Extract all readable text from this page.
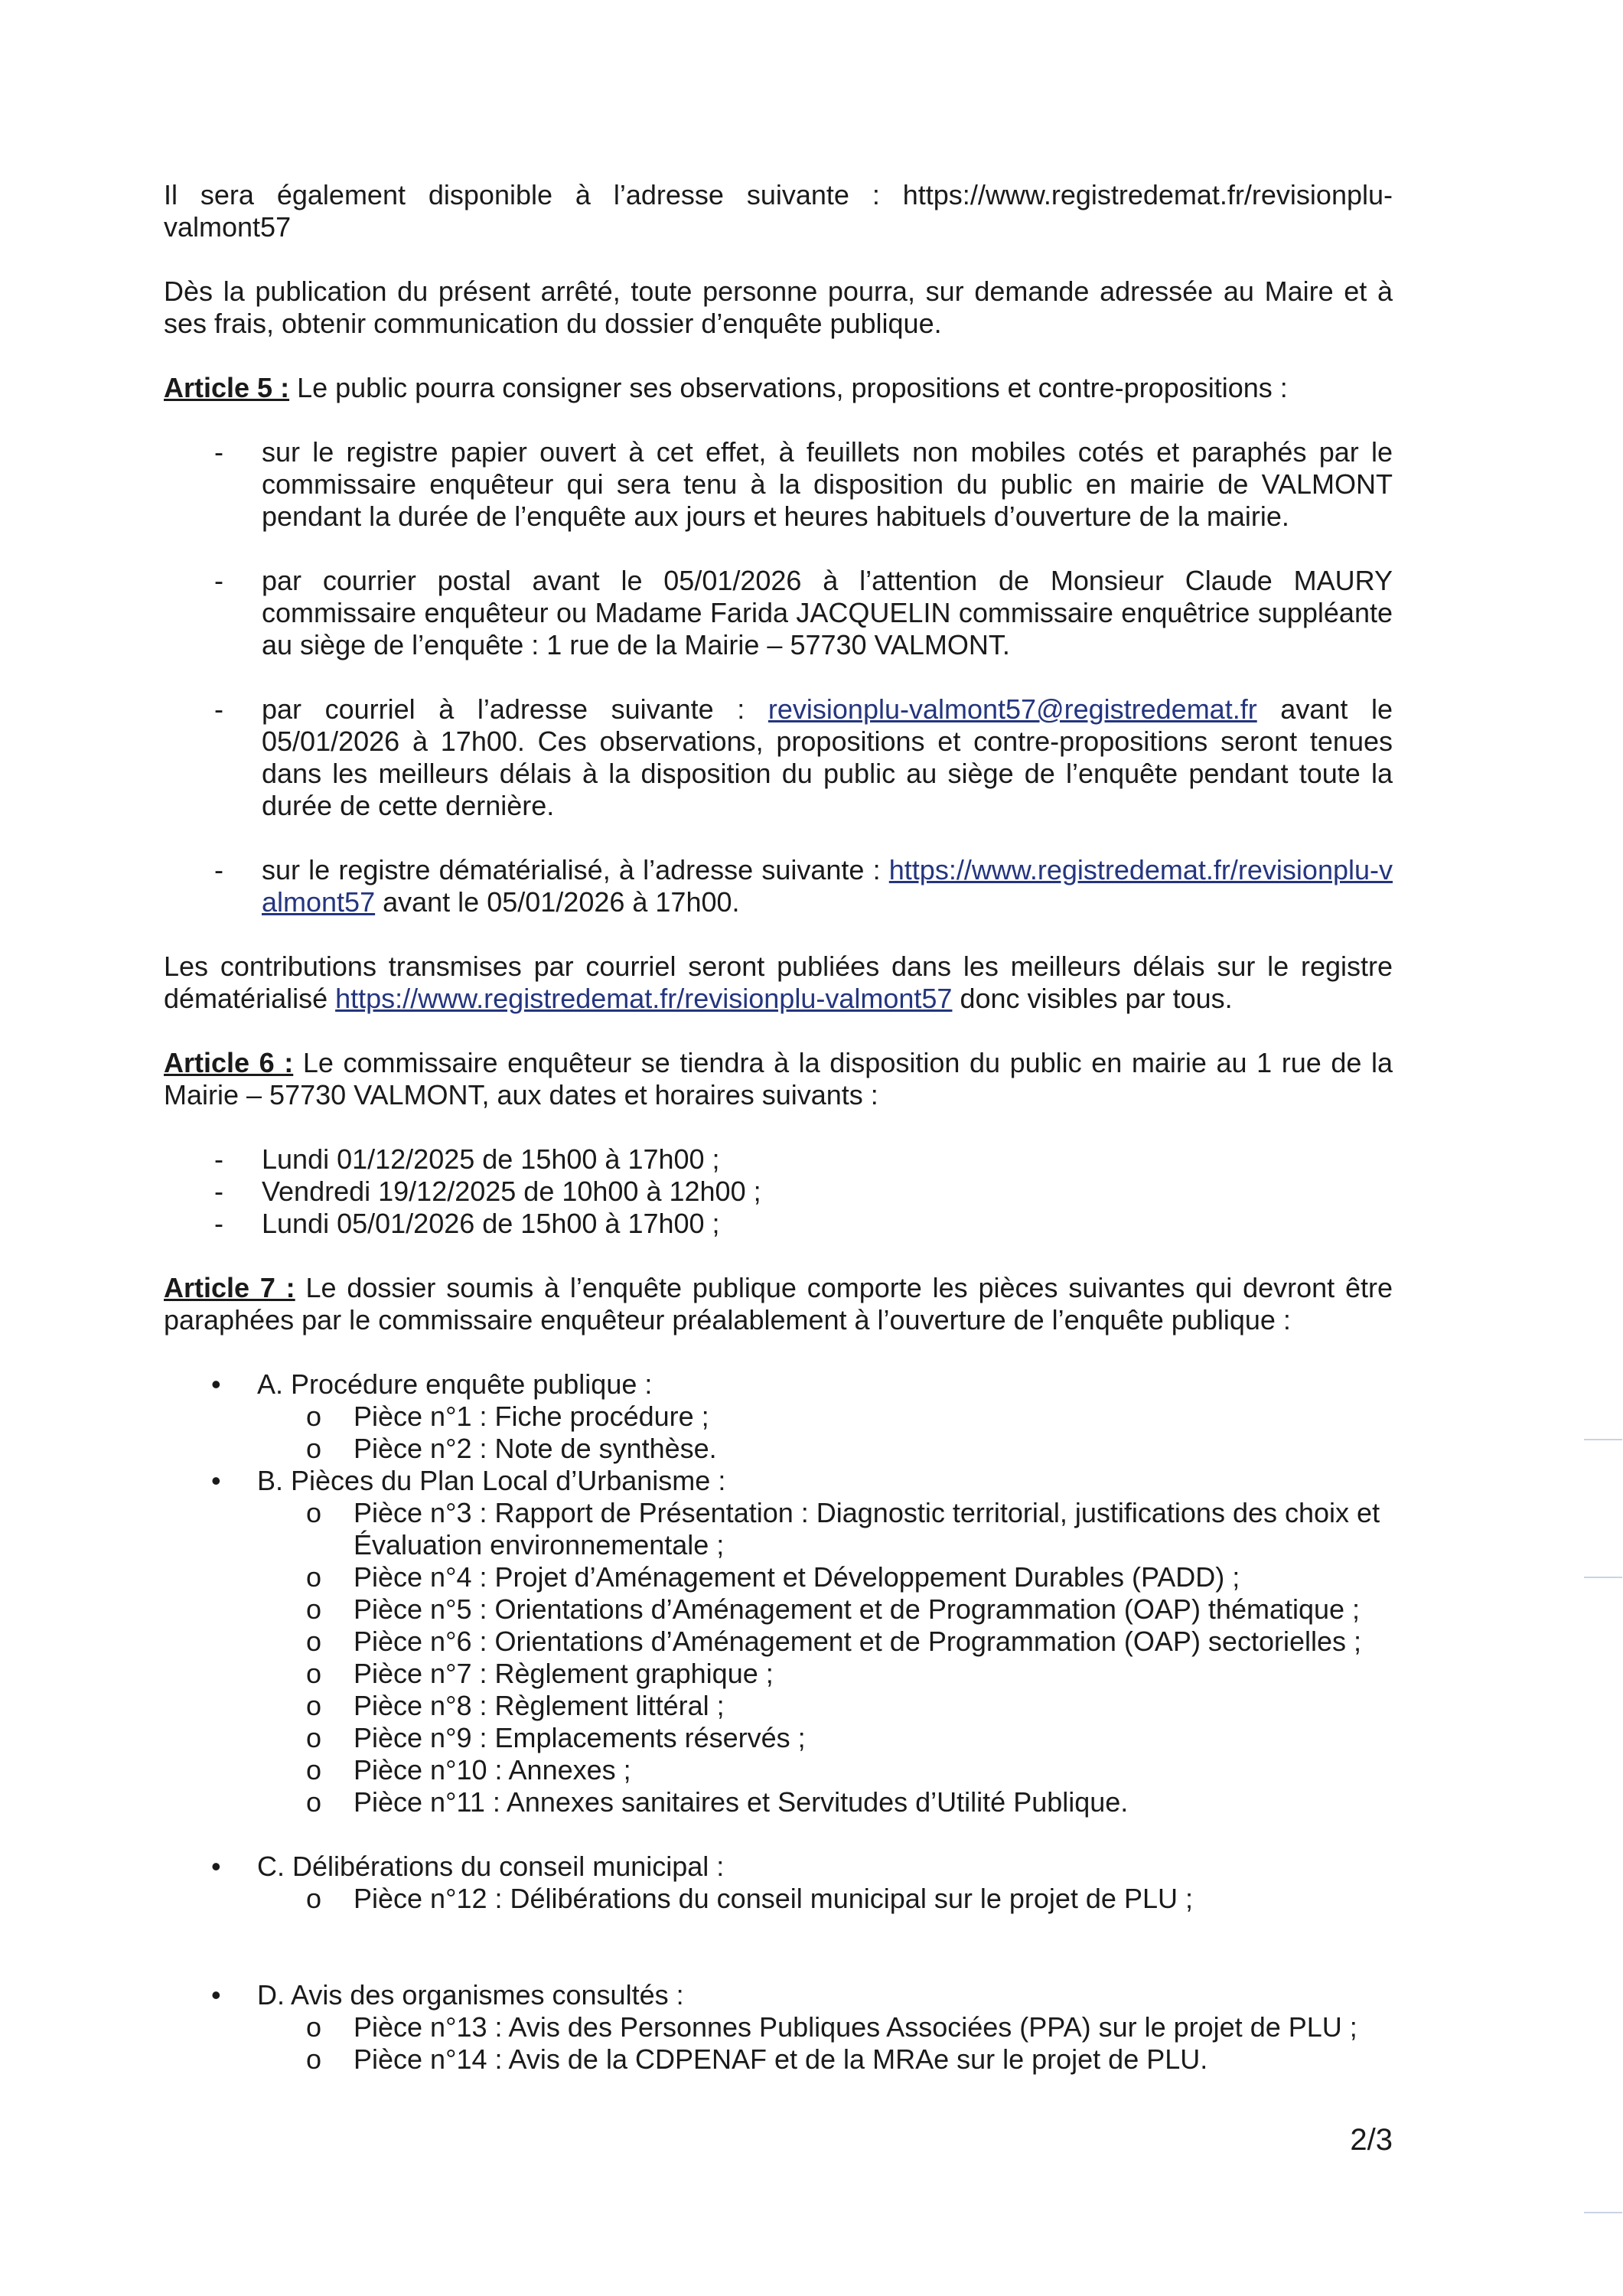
Il sera également disponible à l’adresse suivante : https://www.registredemat.fr/revisionplu-valmont57
Dès la publication du présent arrêté, toute personne pourra, sur demande adressée au Maire et à ses frais, obtenir communication du dossier d’enquête publique.
Article 5 : Le public pourra consigner ses observations, propositions et contre-propositions :
- sur le registre papier ouvert à cet effet, à feuillets non mobiles cotés et paraphés par le commissaire enquêteur qui sera tenu à la disposition du public en mairie de VALMONT pendant la durée de l’enquête aux jours et heures habituels d’ouverture de la mairie.
- par courrier postal avant le 05/01/2026 à l’attention de Monsieur Claude MAURY commissaire enquêteur ou Madame Farida JACQUELIN commissaire enquêtrice suppléante au siège de l’enquête : 1 rue de la Mairie – 57730 VALMONT.
- par courriel à l’adresse suivante : revisionplu-valmont57@registredemat.fr avant le 05/01/2026 à 17h00. Ces observations, propositions et contre-propositions seront tenues dans les meilleurs délais à la disposition du public au siège de l’enquête pendant toute la durée de cette dernière.
- sur le registre dématérialisé, à l’adresse suivante : https://www.registredemat.fr/revisionplu-valmont57 avant le 05/01/2026 à 17h00.
Les contributions transmises par courriel seront publiées dans les meilleurs délais sur le registre dématérialisé https://www.registredemat.fr/revisionplu-valmont57 donc visibles par tous.
Article 6 : Le commissaire enquêteur se tiendra à la disposition du public en mairie au 1 rue de la Mairie – 57730 VALMONT, aux dates et horaires suivants :
- Lundi 01/12/2025 de 15h00 à 17h00 ;
- Vendredi 19/12/2025 de 10h00 à 12h00 ;
- Lundi 05/01/2026 de 15h00 à 17h00 ;
Article 7 : Le dossier soumis à l’enquête publique comporte les pièces suivantes qui devront être paraphées par le commissaire enquêteur préalablement à l’ouverture de l’enquête publique :
• A. Procédure enquête publique :
o Pièce n°1 : Fiche procédure ;
o Pièce n°2 : Note de synthèse.
• B. Pièces du Plan Local d’Urbanisme :
o Pièce n°3 : Rapport de Présentation : Diagnostic territorial, justifications des choix et Évaluation environnementale ;
o Pièce n°4 : Projet d’Aménagement et Développement Durables (PADD) ;
o Pièce n°5 : Orientations d’Aménagement et de Programmation (OAP) thématique ;
o Pièce n°6 : Orientations d’Aménagement et de Programmation (OAP) sectorielles ;
o Pièce n°7 : Règlement graphique ;
o Pièce n°8 : Règlement littéral ;
o Pièce n°9 : Emplacements réservés ;
o Pièce n°10 : Annexes ;
o Pièce n°11 : Annexes sanitaires et Servitudes d’Utilité Publique.
• C. Délibérations du conseil municipal :
o Pièce n°12 : Délibérations du conseil municipal sur le projet de PLU ;
• D. Avis des organismes consultés :
o Pièce n°13 : Avis des Personnes Publiques Associées (PPA) sur le projet de PLU ;
o Pièce n°14 : Avis de la CDPENAF et de la MRAe sur le projet de PLU.
2/3
